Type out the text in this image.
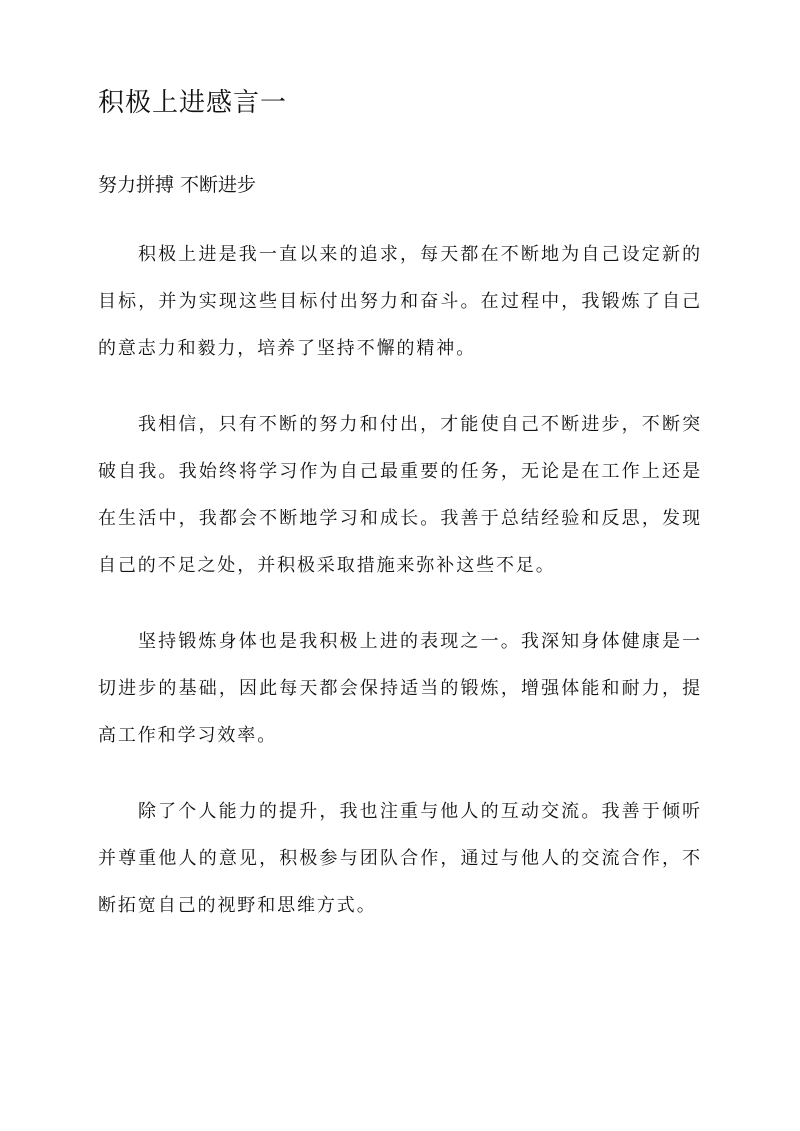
积极上进感言一
努力拼搏 不断进步

积极上进是我一直以来的追求，每天都在不断地为自己设定新的目标，并为实现这些目标付出努力和奋斗。在过程中，我锻炼了自己的意志力和毅力，培养了坚持不懈的精神。

我相信，只有不断的努力和付出，才能使自己不断进步，不断突破自我。我始终将学习作为自己最重要的任务，无论是在工作上还是在生活中，我都会不断地学习和成长。我善于总结经验和反思，发现自己的不足之处，并积极采取措施来弥补这些不足。

坚持锻炼身体也是我积极上进的表现之一。我深知身体健康是一切进步的基础，因此每天都会保持适当的锻炼，增强体能和耐力，提高工作和学习效率。

除了个人能力的提升，我也注重与他人的互动交流。我善于倾听并尊重他人的意见，积极参与团队合作，通过与他人的交流合作，不断拓宽自己的视野和思维方式。
